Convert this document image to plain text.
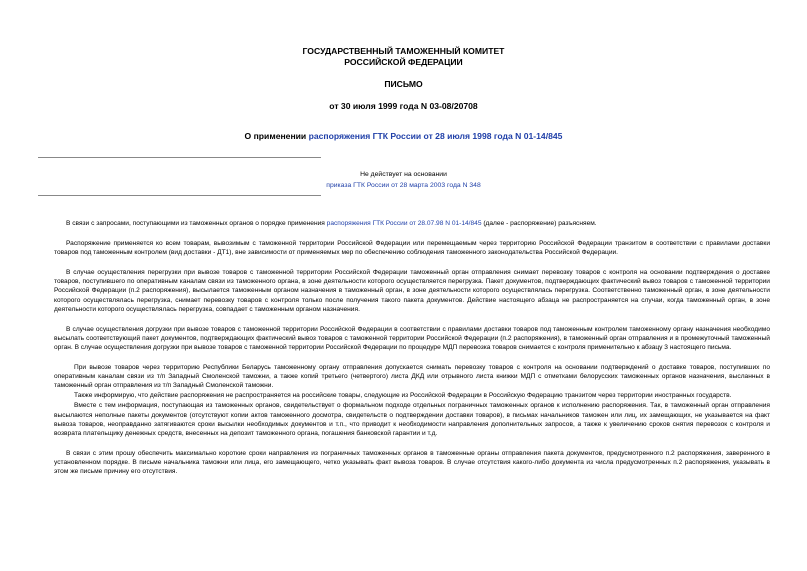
ГОСУДАРСТВЕННЫЙ ТАМОЖЕННЫЙ КОМИТЕТ
РОССИЙСКОЙ ФЕДЕРАЦИИ
ПИСЬМО
от 30 июля 1999 года N 03-08/20708
О применении распоряжения ГТК России от 28 июля 1998 года N 01-14/845
Не действует на основании
приказа ГТК России от 28 марта 2003 года N 348

В связи с запросами, поступающими из таможенных органов о порядке применения распоряжения ГТК России от 28.07.98 N 01-14/845 (далее - распоряжение) разъясняем.

Распоряжение применяется ко всем товарам, вывозимым с таможенной территории Российской Федерации или перемещаемым через территорию Российской Федерации транзитом в соответствии с правилами доставки товаров под таможенным контролем (вид доставки - ДТ1), вне зависимости от применяемых мер по обеспечению соблюдения таможенного законодательства Российской Федерации.

В случае осуществления перегрузки при вывозе товаров с таможенной территории Российской Федерации таможенный орган отправления снимает перевозку товаров с контроля на основании подтверждения о доставке товаров, поступившего по оперативным каналам связи из таможенного органа, в зоне деятельности которого осуществляется перегрузка. Пакет документов, подтверждающих фактический вывоз товаров с таможенной территории Российской Федерации (п.2 распоряжения), высылается таможенным органом назначения в таможенный орган, в зоне деятельности которого осуществлялась перегрузка. Соответственно таможенный орган, в зоне деятельности которого осуществлялась перегрузка, снимает перевозку товаров с контроля только после получения такого пакета документов. Действие настоящего абзаца не распространяется на случаи, когда таможенный орган, в зоне деятельности которого осуществлялась перегрузка, совпадает с таможенным органом назначения.

В случае осуществления догрузки при вывозе товаров с таможенной территории Российской Федерации в соответствии с правилами доставки товаров под таможенным контролем таможенному органу назначения необходимо высылать соответствующий пакет документов, подтверждающих фактический вывоз товаров с таможенной территории Российской Федерации (п.2 распоряжения), в таможенный орган отправления и в промежуточный таможенный орган. В случае осуществления догрузки при вывозе товаров с таможенной территории Российской Федерации по процедуре МДП перевозка товаров снимается с контроля применительно к абзацу 3 настоящего письма.

При вывозе товаров через территорию Республики Беларусь таможенному органу отправления допускается снимать перевозку товаров с контроля на основании подтверждений о доставке товаров, поступивших по оперативным каналам связи из т/п Западный Смоленской таможни, а также копий третьего (четвертого) листа ДКД или отрывного листа книжки МДП с отметками белорусских таможенных органов назначения, высланных в таможенный орган отправления из т/п Западный Смоленской таможни.

Также информирую, что действие распоряжения не распространяется на российские товары, следующие из Российской Федерации в Российскую Федерацию транзитом через территории иностранных государств.

Вместе с тем информация, поступающая из таможенных органов, свидетельствует о формальном подходе отдельных пограничных таможенных органов к исполнению распоряжения. Так, в таможенный орган отправления высылаются неполные пакеты документов (отсутствуют копии актов таможенного досмотра, свидетельств о подтверждении доставки товаров), в письмах начальников таможен или лиц, их замещающих, не указывается на факт вывоза товаров, неоправданно затягиваются сроки высылки необходимых документов и т.п., что приводит к необходимости направления дополнительных запросов, а также к увеличению сроков снятия перевозок с контроля и возврата плательщику денежных средств, внесенных на депозит таможенного органа, погашения банковской гарантии и т.д.

В связи с этим прошу обеспечить максимально короткие сроки направления из пограничных таможенных органов в таможенные органы отправления пакета документов, предусмотренного п.2 распоряжения, заверенного в установленном порядке. В письме начальника таможни или лица, его замещающего, четко указывать факт вывоза товаров. В случае отсутствия какого-либо документа из числа предусмотренных п.2 распоряжения, указывать в этом же письме причину его отсутствия.
